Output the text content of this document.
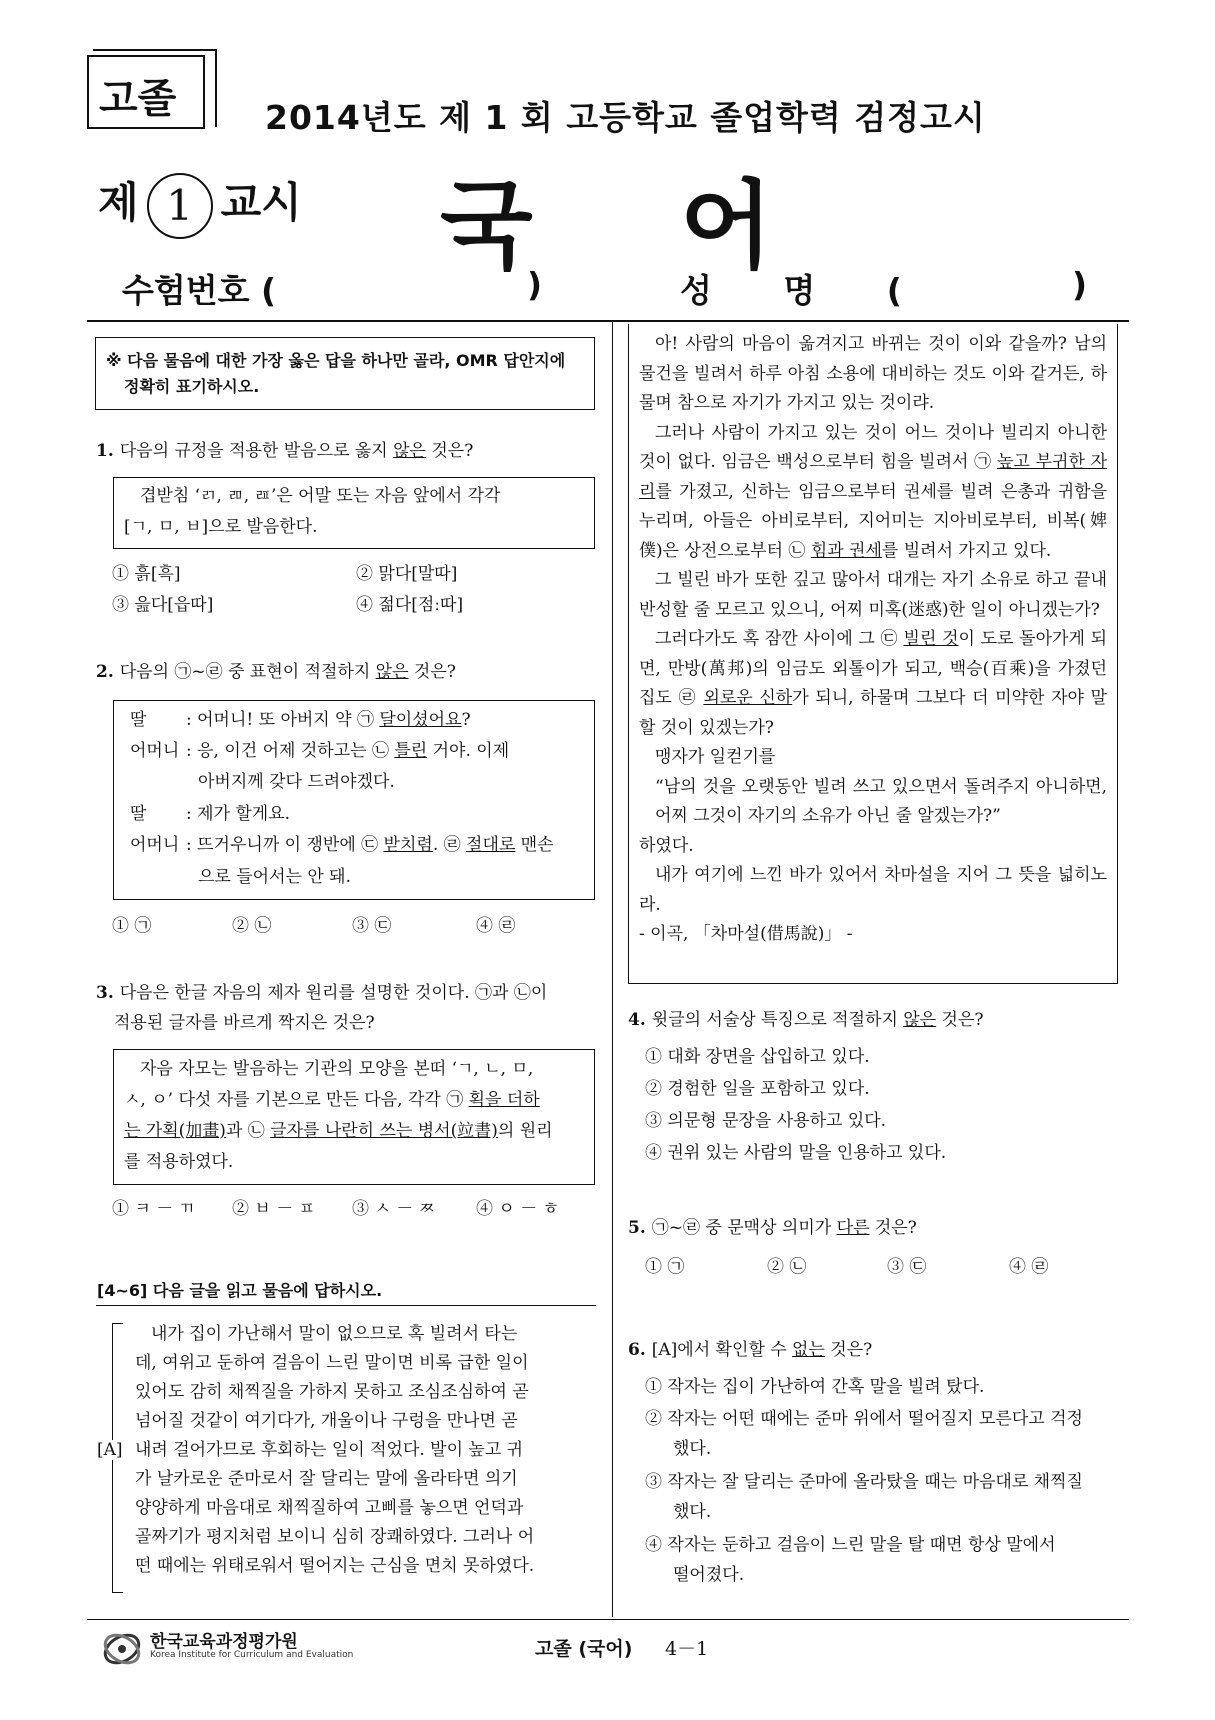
고졸	2014년도 제 1 회 고등학교 졸업학력 검정고시
제 1 교시 국 어
수험번호 (	)	성 명 (	)

※ 다음 물음에 대한 가장 옳은 답을 하나만 골라, OMR 답안지에

정확히 표기하시오.

1. 다음의 규정을 적용한 발음으로 옳지 않은 것은?

겹받침 ‘ㄺ, ㄻ, ㄿ’은 어말 또는 자음 앞에서 각각

[ㄱ, ㅁ, ㅂ]으로 발음한다.

① 흙[흑]	② 맑다[말따]
③ 읊다[읍따]	④ 젊다[점ː따]
2. 다음의 ㉠~㉣ 중 표현이 적절하지 않은 것은?
딸 : 어머니! 또 아버지 약 ㉠ 달이셨어요?
어머니 : 응, 이건 어제 것하고는 ㉡ 틀린 거야. 이제
아버지께 갖다 드려야겠다.
딸 : 제가 할게요.
어머니 : 뜨거우니까 이 쟁반에 ㉢ 받치렴. ㉣ 절대로 맨손
으로 들어서는 안 돼.
① ㉠	② ㉡	③ ㉢	④ ㉣
3. 다음은 한글 자음의 제자 원리를 설명한 것이다. ㉠과 ㉡이
적용된 글자를 바르게 짝지은 것은?

자음 자모는 발음하는 기관의 모양을 본떠 ‘ㄱ, ㄴ, ㅁ,

ㅅ, ㅇ’ 다섯 자를 기본으로 만든 다음, 각각 ㉠ 획을 더하

는 가획(加畫)과 ㉡ 글자를 나란히 쓰는 병서(竝書)의 원리

를 적용하였다.

① ㅋ － ㄲ ② ㅂ － ㅍ ③ ㅅ － ㅉ ④ ㅇ － ㅎ
[4~6] 다음 글을 읽고 물음에 답하시오.
[A]
내가 집이 가난해서 말이 없으므로 혹 빌려서 타는
데, 여위고 둔하여 걸음이 느린 말이면 비록 급한 일이
있어도 감히 채찍질을 가하지 못하고 조심조심하여 곧
넘어질 것같이 여기다가, 개울이나 구렁을 만나면 곧
내려 걸어가므로 후회하는 일이 적었다. 발이 높고 귀
가 날카로운 준마로서 잘 달리는 말에 올라타면 의기
양양하게 마음대로 채찍질하여 고삐를 놓으면 언덕과
골짜기가 평지처럼 보이니 심히 장쾌하였다. 그러나 어
떤 때에는 위태로워서 떨어지는 근심을 면치 못하였다.

아! 사람의 마음이 옮겨지고 바뀌는 것이 이와 같을까? 남의 물건을 빌려서 하루 아침 소용에 대비하는 것도 이와 같거든, 하물며 참으로 자기가 가지고 있는 것이랴.

그러나 사람이 가지고 있는 것이 어느 것이나 빌리지 아니한 것이 없다. 임금은 백성으로부터 힘을 빌려서 ㉠ 높고 부귀한 자리를 가졌고, 신하는 임금으로부터 권세를 빌려 은총과 귀함을 누리며, 아들은 아비로부터, 지어미는 지아비로부터, 비복(婢僕)은 상전으로부터 ㉡ 힘과 권세를 빌려서 가지고 있다.

그 빌린 바가 또한 깊고 많아서 대개는 자기 소유로 하고 끝내 반성할 줄 모르고 있으니, 어찌 미혹(迷惑)한 일이 아니겠는가?

그러다가도 혹 잠깐 사이에 그 ㉢ 빌린 것이 도로 돌아가게 되면, 만방(萬邦)의 임금도 외톨이가 되고, 백승(百乘)을 가졌던 집도 ㉣ 외로운 신하가 되니, 하물며 그보다 더 미약한 자야 말할 것이 있겠는가?

맹자가 일컫기를

“남의 것을 오랫동안 빌려 쓰고 있으면서 돌려주지 아니하면, 어찌 그것이 자기의 소유가 아닌 줄 알겠는가?”

하였다.

내가 여기에 느낀 바가 있어서 차마설을 지어 그 뜻을 넓히노라.

- 이곡, 「차마설(借馬說)」 -

4. 윗글의 서술상 특징으로 적절하지 않은 것은?
① 대화 장면을 삽입하고 있다.
② 경험한 일을 포함하고 있다.
③ 의문형 문장을 사용하고 있다.
④ 권위 있는 사람의 말을 인용하고 있다.
5. ㉠~㉣ 중 문맥상 의미가 다른 것은?
① ㉠	② ㉡	③ ㉢	④ ㉣
6. [A]에서 확인할 수 없는 것은?
① 작자는 집이 가난하여 간혹 말을 빌려 탔다.
② 작자는 어떤 때에는 준마 위에서 떨어질지 모른다고 걱정
했다.
③ 작자는 잘 달리는 준마에 올라탔을 때는 마음대로 채찍질
했다.
④ 작자는 둔하고 걸음이 느린 말을 탈 때면 항상 말에서
떨어졌다.
한국교육과정평가원
Korea Institute for Curriculum and Evaluation	고졸 (국어) 4－1
